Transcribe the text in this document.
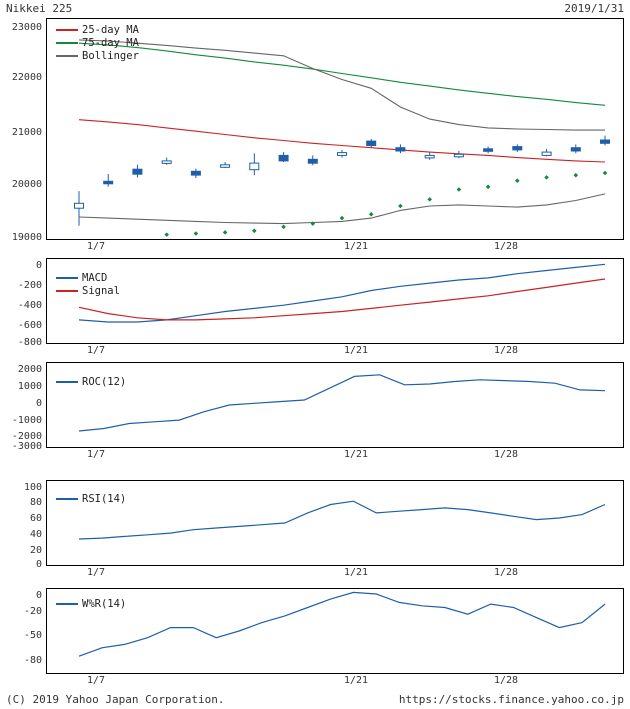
Nikkei 225	2019/1/31
25-day MA
75-day MA
Bollinger
23000
22000
21000
20000
19000
1/7	1/21	1/28
MACD
Signal
0
-200
-400
-600
-800
1/7	1/21	1/28
ROC(12)
2000
1000
0
-1000
-2000
-3000
1/7	1/21	1/28
RSI(14)
100
80
60
40
20
0
1/7	1/21	1/28
W%R(14)
0
-20
-50
-80
1/7	1/21	1/28
(C) 2019 Yahoo Japan Corporation.	https://stocks.finance.yahoo.co.jp
